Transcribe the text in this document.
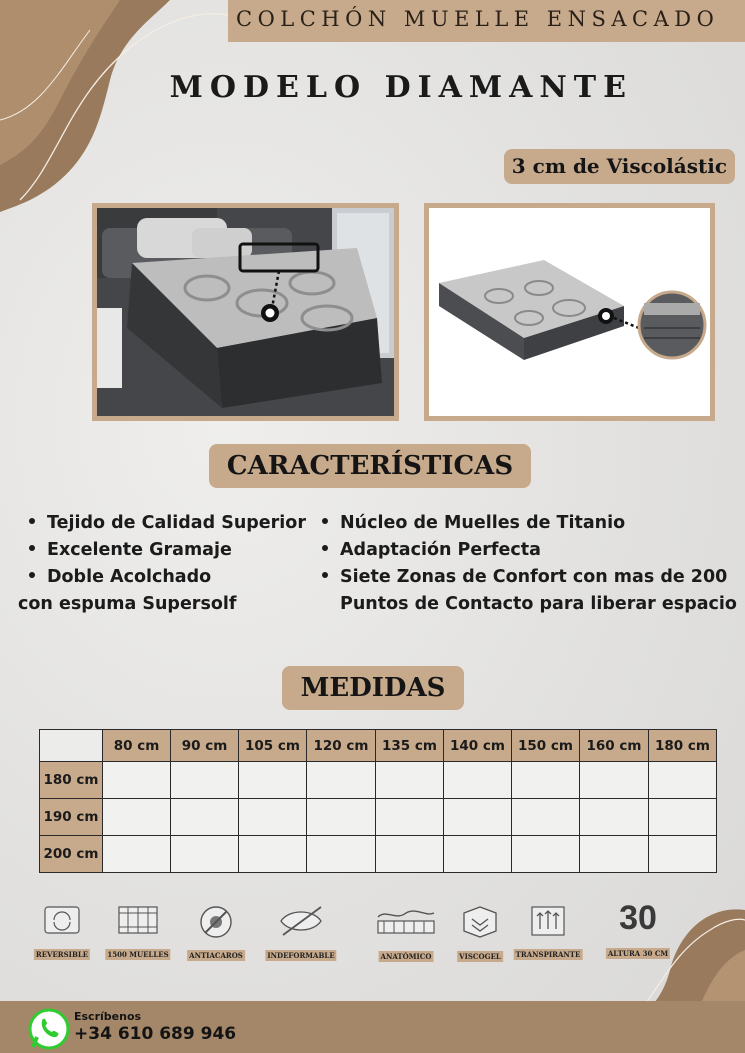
COLCHÓN MUELLE ENSACADO
MODELO DIAMANTE
3 cm de Viscolástic
CARACTERÍSTICAS
Tejido de Calidad Superior
Excelente Gramaje
Doble Acolchado
con espuma Supersolf
Núcleo de Muelles de Titanio
Adaptación Perfecta
Siete Zonas de Confort con mas de 200
Puntos de Contacto para liberar espacio
MEDIDAS
	80 cm	90 cm	105 cm	120 cm	135 cm	140 cm	150 cm	160 cm	180 cm
180 cm									
190 cm									
200 cm									
REVERSIBLE	1500 MUELLES	ANTIACAROS	INDEFORMABLE	ANATÓMICO	VISCOGEL TRANSPIRANTE
30
ALTURA 30 CM
Escríbenos
+34 610 689 946
